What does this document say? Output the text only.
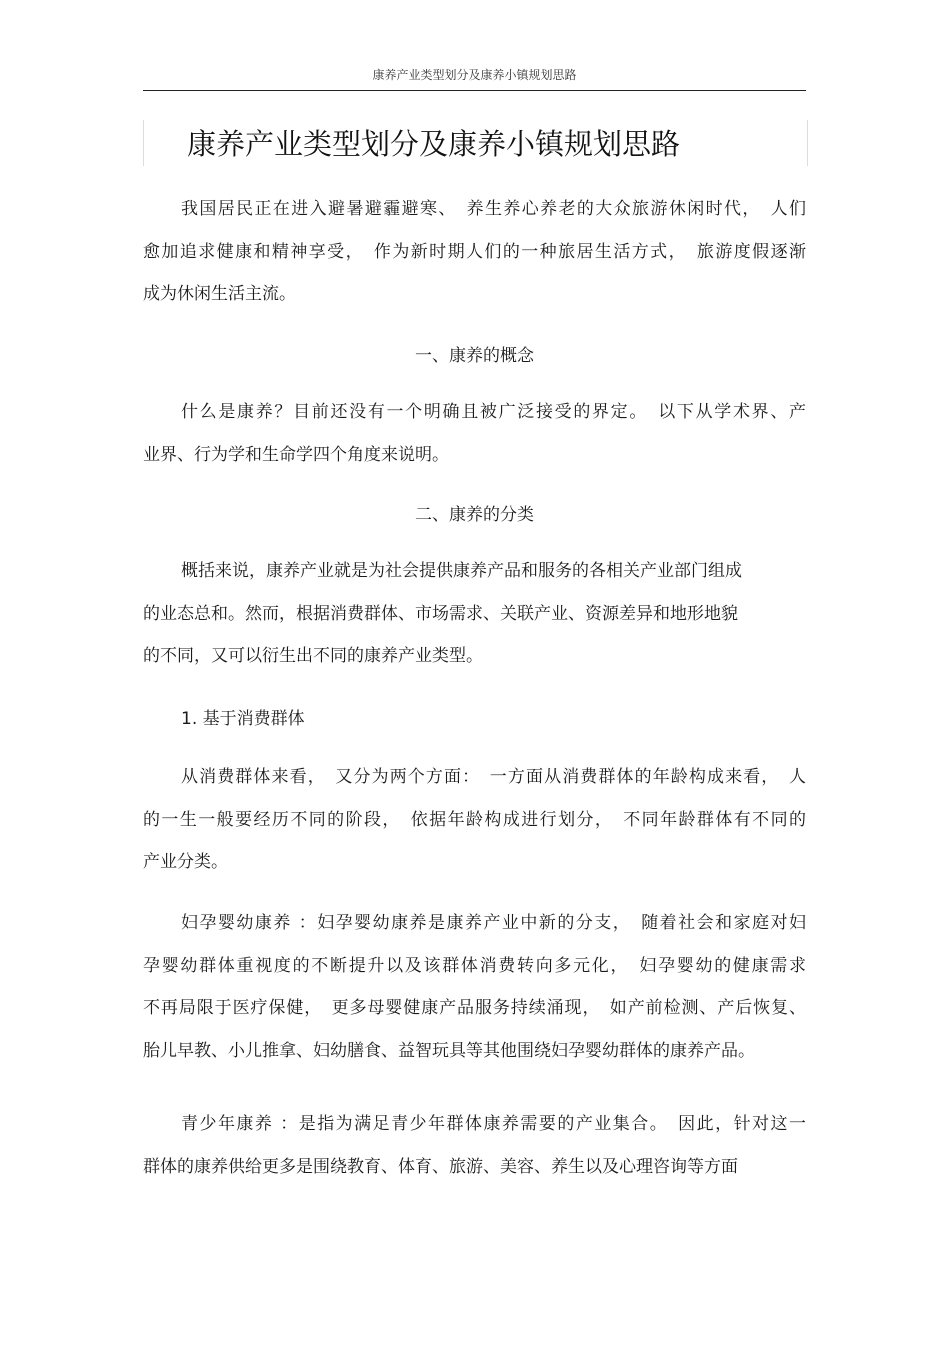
康养产业类型划分及康养小镇规划思路
康养产业类型划分及康养小镇规划思路
我国居民正在进入避暑避霾避寒、　养生养心养老的大众旅游休闲时代，　人们
愈加追求健康和精神享受，　作为新时期人们的一种旅居生活方式，　旅游度假逐渐
成为休闲生活主流。
一、康养的概念
什么是康养？目前还没有一个明确且被广泛接受的界定。　以下从学术界、产
业界、行为学和生命学四个角度来说明。
二、康养的分类
概括来说，康养产业就是为社会提供康养产品和服务的各相关产业部门组成
的业态总和。然而，根据消费群体、市场需求、关联产业、资源差异和地形地貌
的不同，又可以衍生出不同的康养产业类型。
1. 基于消费群体
从消费群体来看，　又分为两个方面：　一方面从消费群体的年龄构成来看，　人
的一生一般要经历不同的阶段，　依据年龄构成进行划分，　不同年龄群体有不同的
产业分类。
妇孕婴幼康养 ：妇孕婴幼康养是康养产业中新的分支，　随着社会和家庭对妇
孕婴幼群体重视度的不断提升以及该群体消费转向多元化，　妇孕婴幼的健康需求
不再局限于医疗保健，　更多母婴健康产品服务持续涌现，　如产前检测、产后恢复、
胎儿早教、小儿推拿、妇幼膳食、益智玩具等其他围绕妇孕婴幼群体的康养产品。
青少年康养 ：是指为满足青少年群体康养需要的产业集合。　因此，针对这一
群体的康养供给更多是围绕教育、体育、旅游、美容、养生以及心理咨询等方面
